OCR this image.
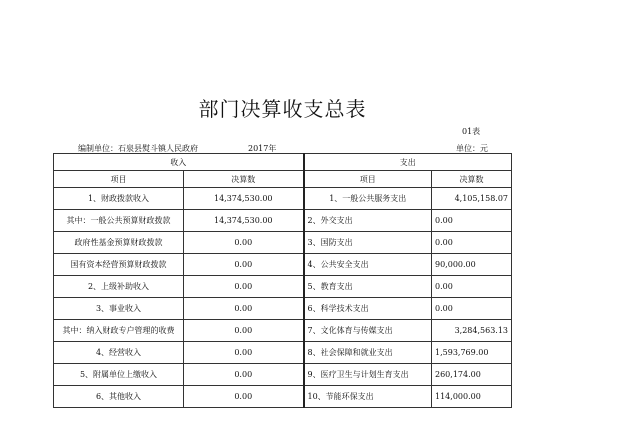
部门决算收支总表
01表
编制单位：石泉县熨斗镇人民政府	2017年	单位：元
收入		支出	
项目	决算数	项目	决算数
1、财政拨款收入	14,374,530.00	1、一般公共服务支出	4,105,158.07
其中：一般公共预算财政拨款	14,374,530.00	2、外交支出	0.00
政府性基金预算财政拨款	0.00	3、国防支出	0.00
国有资本经营预算财政拨款	0.00	4、公共安全支出	90,000.00
2、上级补助收入	0.00	5、教育支出	0.00
3、事业收入	0.00	6、科学技术支出	0.00
其中：纳入财政专户管理的收费	0.00	7、文化体育与传媒支出	3,284,563.13
4、经营收入	0.00	8、社会保障和就业支出	1,593,769.00
5、附属单位上缴收入	0.00	9、医疗卫生与计划生育支出	260,174.00
6、其他收入	0.00	10、节能环保支出	114,000.00
